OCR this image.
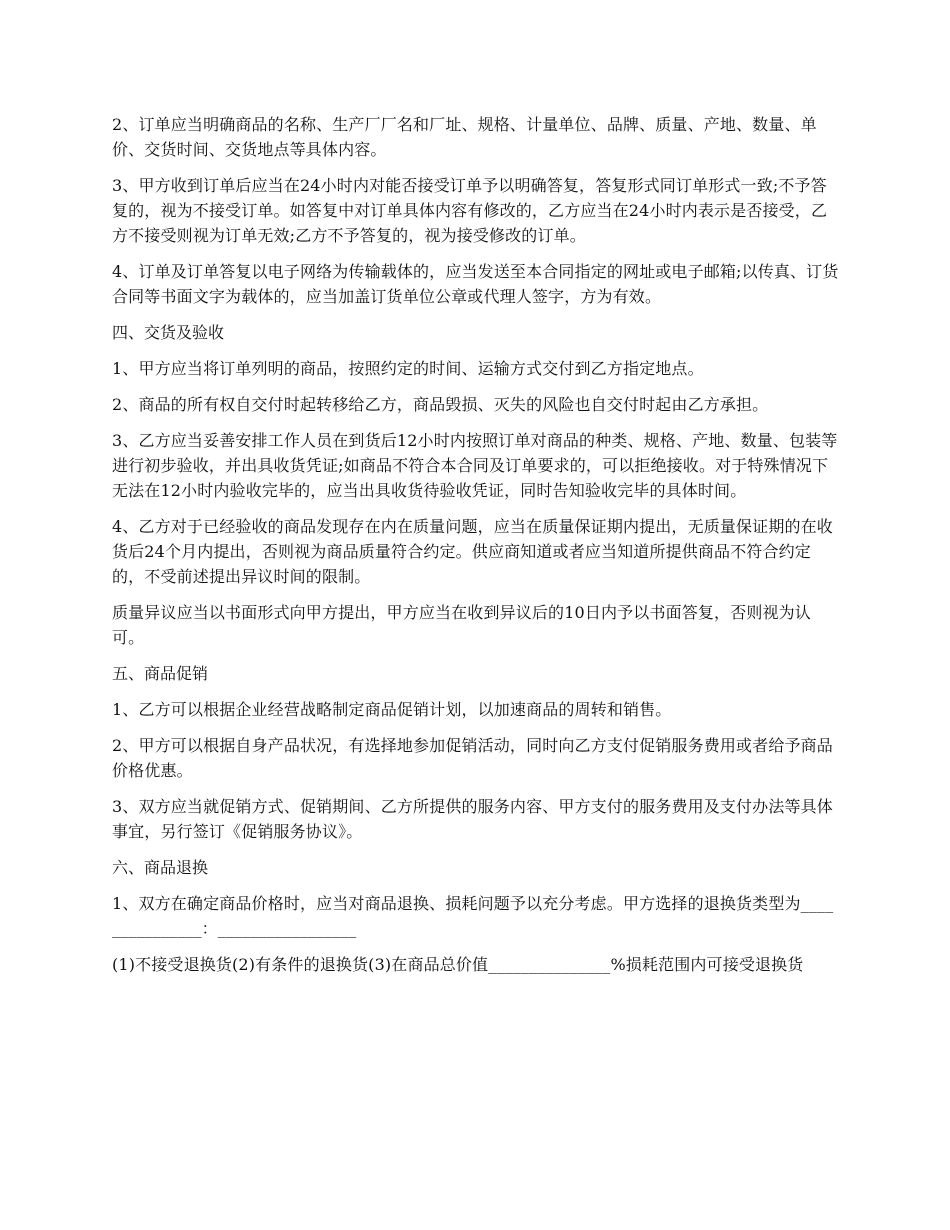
2、订单应当明确商品的名称、生产厂厂名和厂址、规格、计量单位、品牌、质量、产地、数量、单价、交货时间、交货地点等具体内容。

3、甲方收到订单后应当在24小时内对能否接受订单予以明确答复，答复形式同订单形式一致;不予答复的，视为不接受订单。如答复中对订单具体内容有修改的，乙方应当在24小时内表示是否接受，乙方不接受则视为订单无效;乙方不予答复的，视为接受修改的订单。

4、订单及订单答复以电子网络为传输载体的，应当发送至本合同指定的网址或电子邮箱;以传真、订货合同等书面文字为载体的，应当加盖订货单位公章或代理人签字，方为有效。

四、交货及验收

1、甲方应当将订单列明的商品，按照约定的时间、运输方式交付到乙方指定地点。

2、商品的所有权自交付时起转移给乙方，商品毁损、灭失的风险也自交付时起由乙方承担。

3、乙方应当妥善安排工作人员在到货后12小时内按照订单对商品的种类、规格、产地、数量、包装等进行初步验收，并出具收货凭证;如商品不符合本合同及订单要求的，可以拒绝接收。对于特殊情况下无法在12小时内验收完毕的，应当出具收货待验收凭证，同时告知验收完毕的具体时间。

4、乙方对于已经验收的商品发现存在内在质量问题，应当在质量保证期内提出，无质量保证期的在收货后24个月内提出，否则视为商品质量符合约定。供应商知道或者应当知道所提供商品不符合约定的，不受前述提出异议时间的限制。

质量异议应当以书面形式向甲方提出，甲方应当在收到异议后的10日内予以书面答复，否则视为认可。

五、商品促销

1、乙方可以根据企业经营战略制定商品促销计划，以加速商品的周转和销售。

2、甲方可以根据自身产品状况，有选择地参加促销活动，同时向乙方支付促销服务费用或者给予商品价格优惠。

3、双方应当就促销方式、促销期间、乙方所提供的服务内容、甲方支付的服务费用及支付办法等具体事宜，另行签订《促销服务协议》。

六、商品退换

1、双方在确定商品价格时，应当对商品退换、损耗问题予以充分考虑。甲方选择的退换货类型为_______________：_________________

(1)不接受退换货(2)有条件的退换货(3)在商品总价值_______________%损耗范围内可接受退换货
